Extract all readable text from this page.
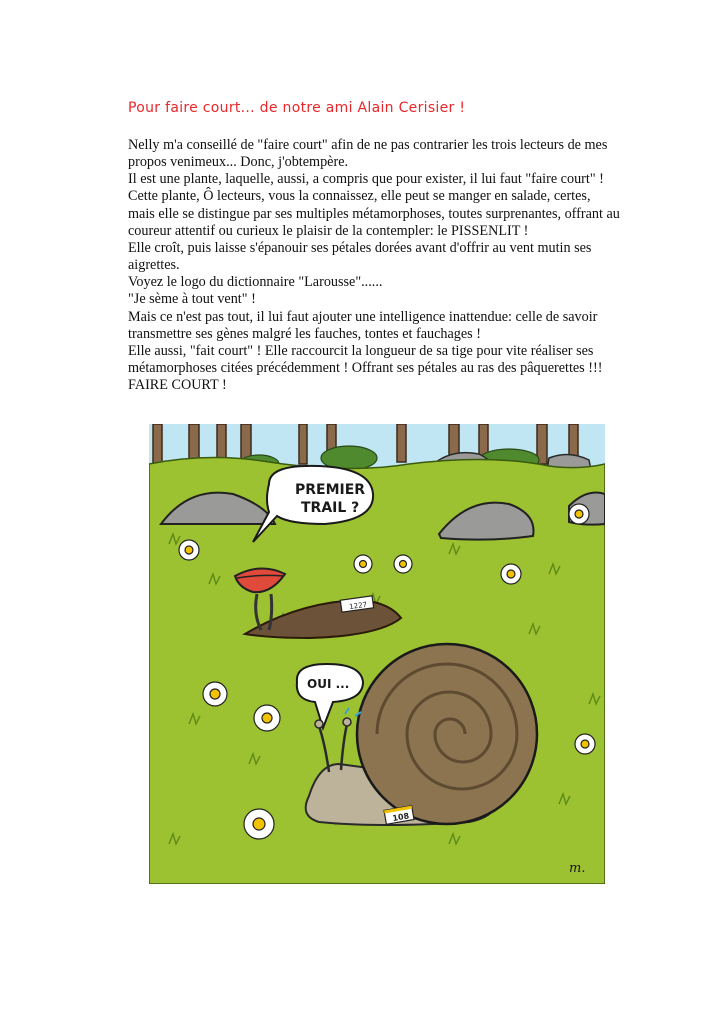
Pour faire court... de notre ami Alain Cerisier !
Nelly m'a conseillé de "faire court" afin de ne pas contrarier les trois lecteurs de mes
propos venimeux... Donc, j'obtempère.
Il est une plante, laquelle, aussi, a compris que pour exister, il lui faut "faire court" !
Cette plante, Ô lecteurs, vous la connaissez, elle peut se manger en salade, certes,
mais elle se distingue par ses multiples métamorphoses, toutes surprenantes, offrant au
coureur attentif ou curieux le plaisir de la contempler: le PISSENLIT !
Elle croît, puis laisse s'épanouir ses pétales dorées avant d'offrir au vent mutin ses
aigrettes.
Voyez le logo du dictionnaire "Larousse"......
"Je sème à tout vent" !
Mais ce n'est pas tout, il lui faut ajouter une intelligence inattendue: celle de savoir
transmettre ses gènes malgré les fauches, tontes et fauchages !
Elle aussi, "fait court" ! Elle raccourcit la longueur de sa tige pour vite réaliser ses
métamorphoses citées précédemment ! Offrant ses pétales au ras des pâquerettes !!!
FAIRE COURT !
1227
PREMIER
TRAIL ?
OUI ...
108
m.
